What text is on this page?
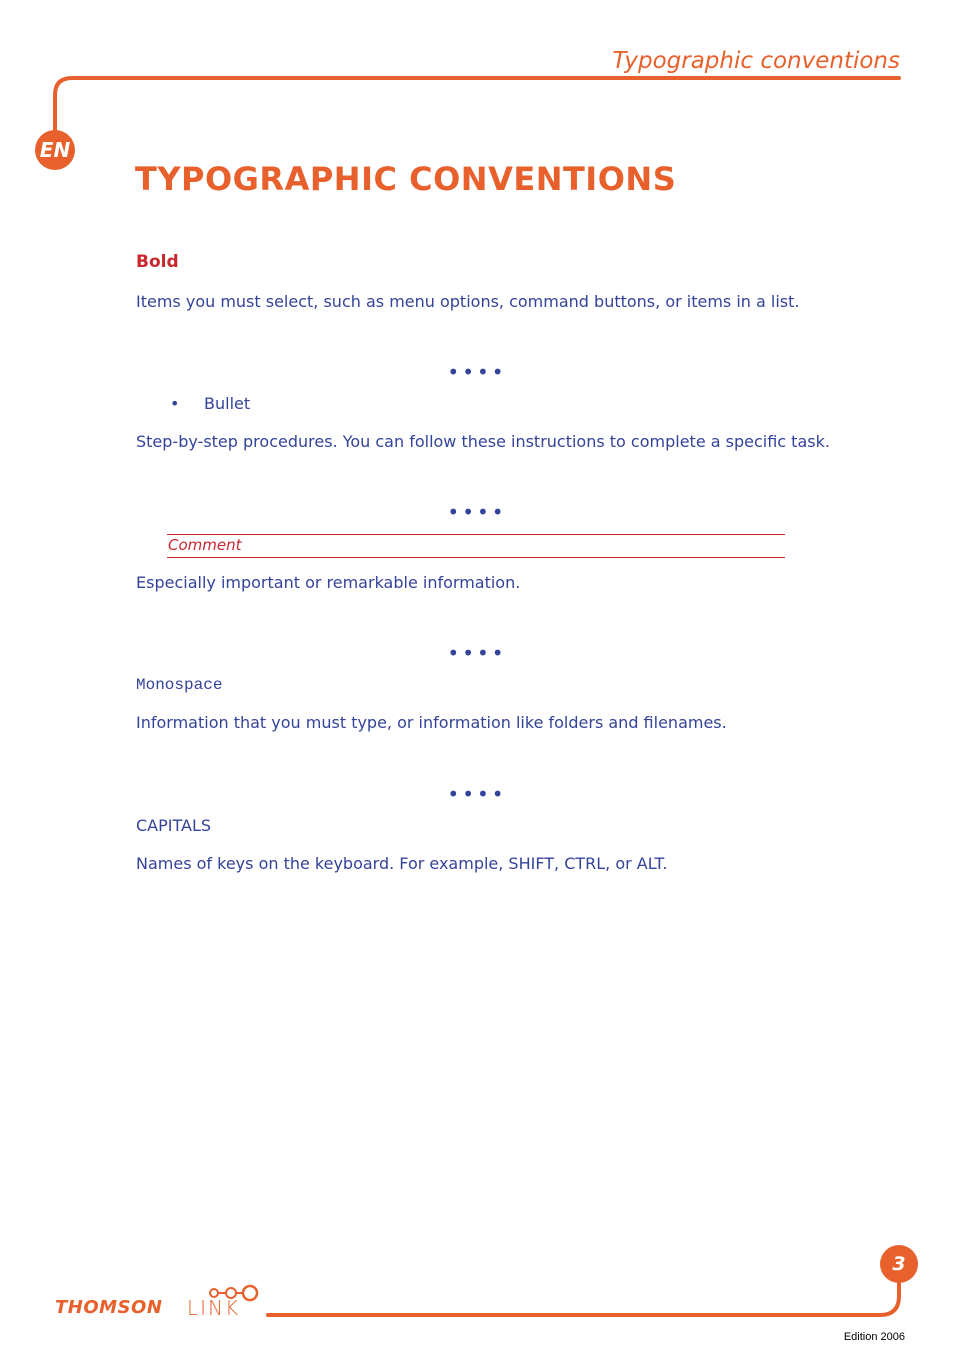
Typographic conventions
EN
TYPOGRAPHIC CONVENTIONS
Bold
Items you must select, such as menu options, command buttons, or items in a list.
••••
• Bullet
Step-by-step procedures. You can follow these instructions to complete a specific task.
••••
Comment
Especially important or remarkable information.
••••
Monospace
Information that you must type, or information like folders and filenames.
••••
CAPITALS
Names of keys on the keyboard. For example, SHIFT, CTRL, or ALT.
3
THOMSON LINK
Edition 2006
